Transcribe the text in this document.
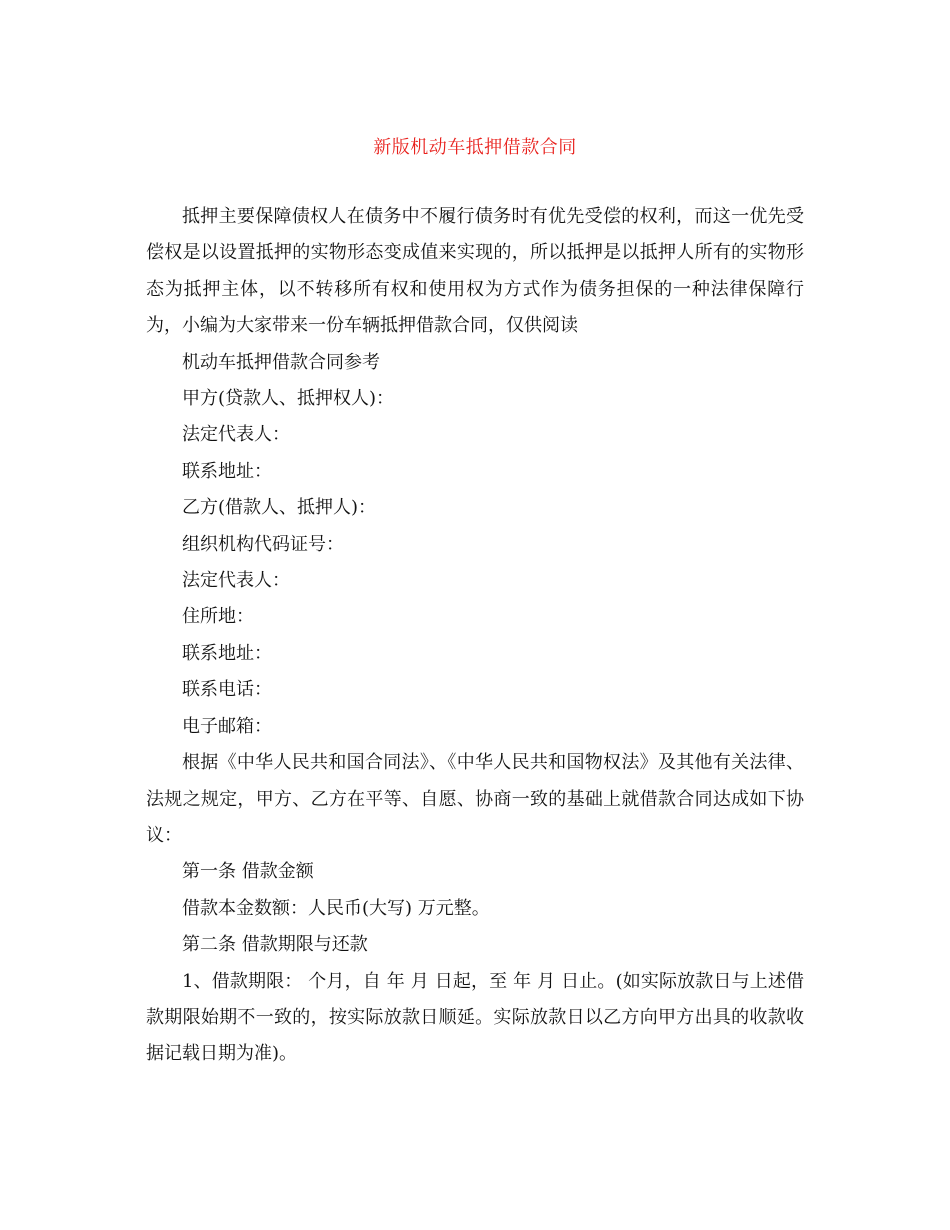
新版机动车抵押借款合同

抵押主要保障债权人在债务中不履行债务时有优先受偿的权利，而这一优先受偿权是以设置抵押的实物形态变成值来实现的，所以抵押是以抵押人所有的实物形态为抵押主体，以不转移所有权和使用权为方式作为债务担保的一种法律保障行为，小编为大家带来一份车辆抵押借款合同，仅供阅读

机动车抵押借款合同参考

甲方(贷款人、抵押权人)：

法定代表人：

联系地址：

乙方(借款人、抵押人)：

组织机构代码证号：

法定代表人：

住所地：

联系地址：

联系电话：

电子邮箱：

根据《中华人民共和国合同法》、《中华人民共和国物权法》及其他有关法律、法规之规定，甲方、乙方在平等、自愿、协商一致的基础上就借款合同达成如下协议：

第一条 借款金额

借款本金数额：人民币(大写) 万元整。

第二条 借款期限与还款

1、借款期限： 个月，自 年 月 日起，至 年 月 日止。(如实际放款日与上述借款期限始期不一致的，按实际放款日顺延。实际放款日以乙方向甲方出具的收款收据记载日期为准)。
